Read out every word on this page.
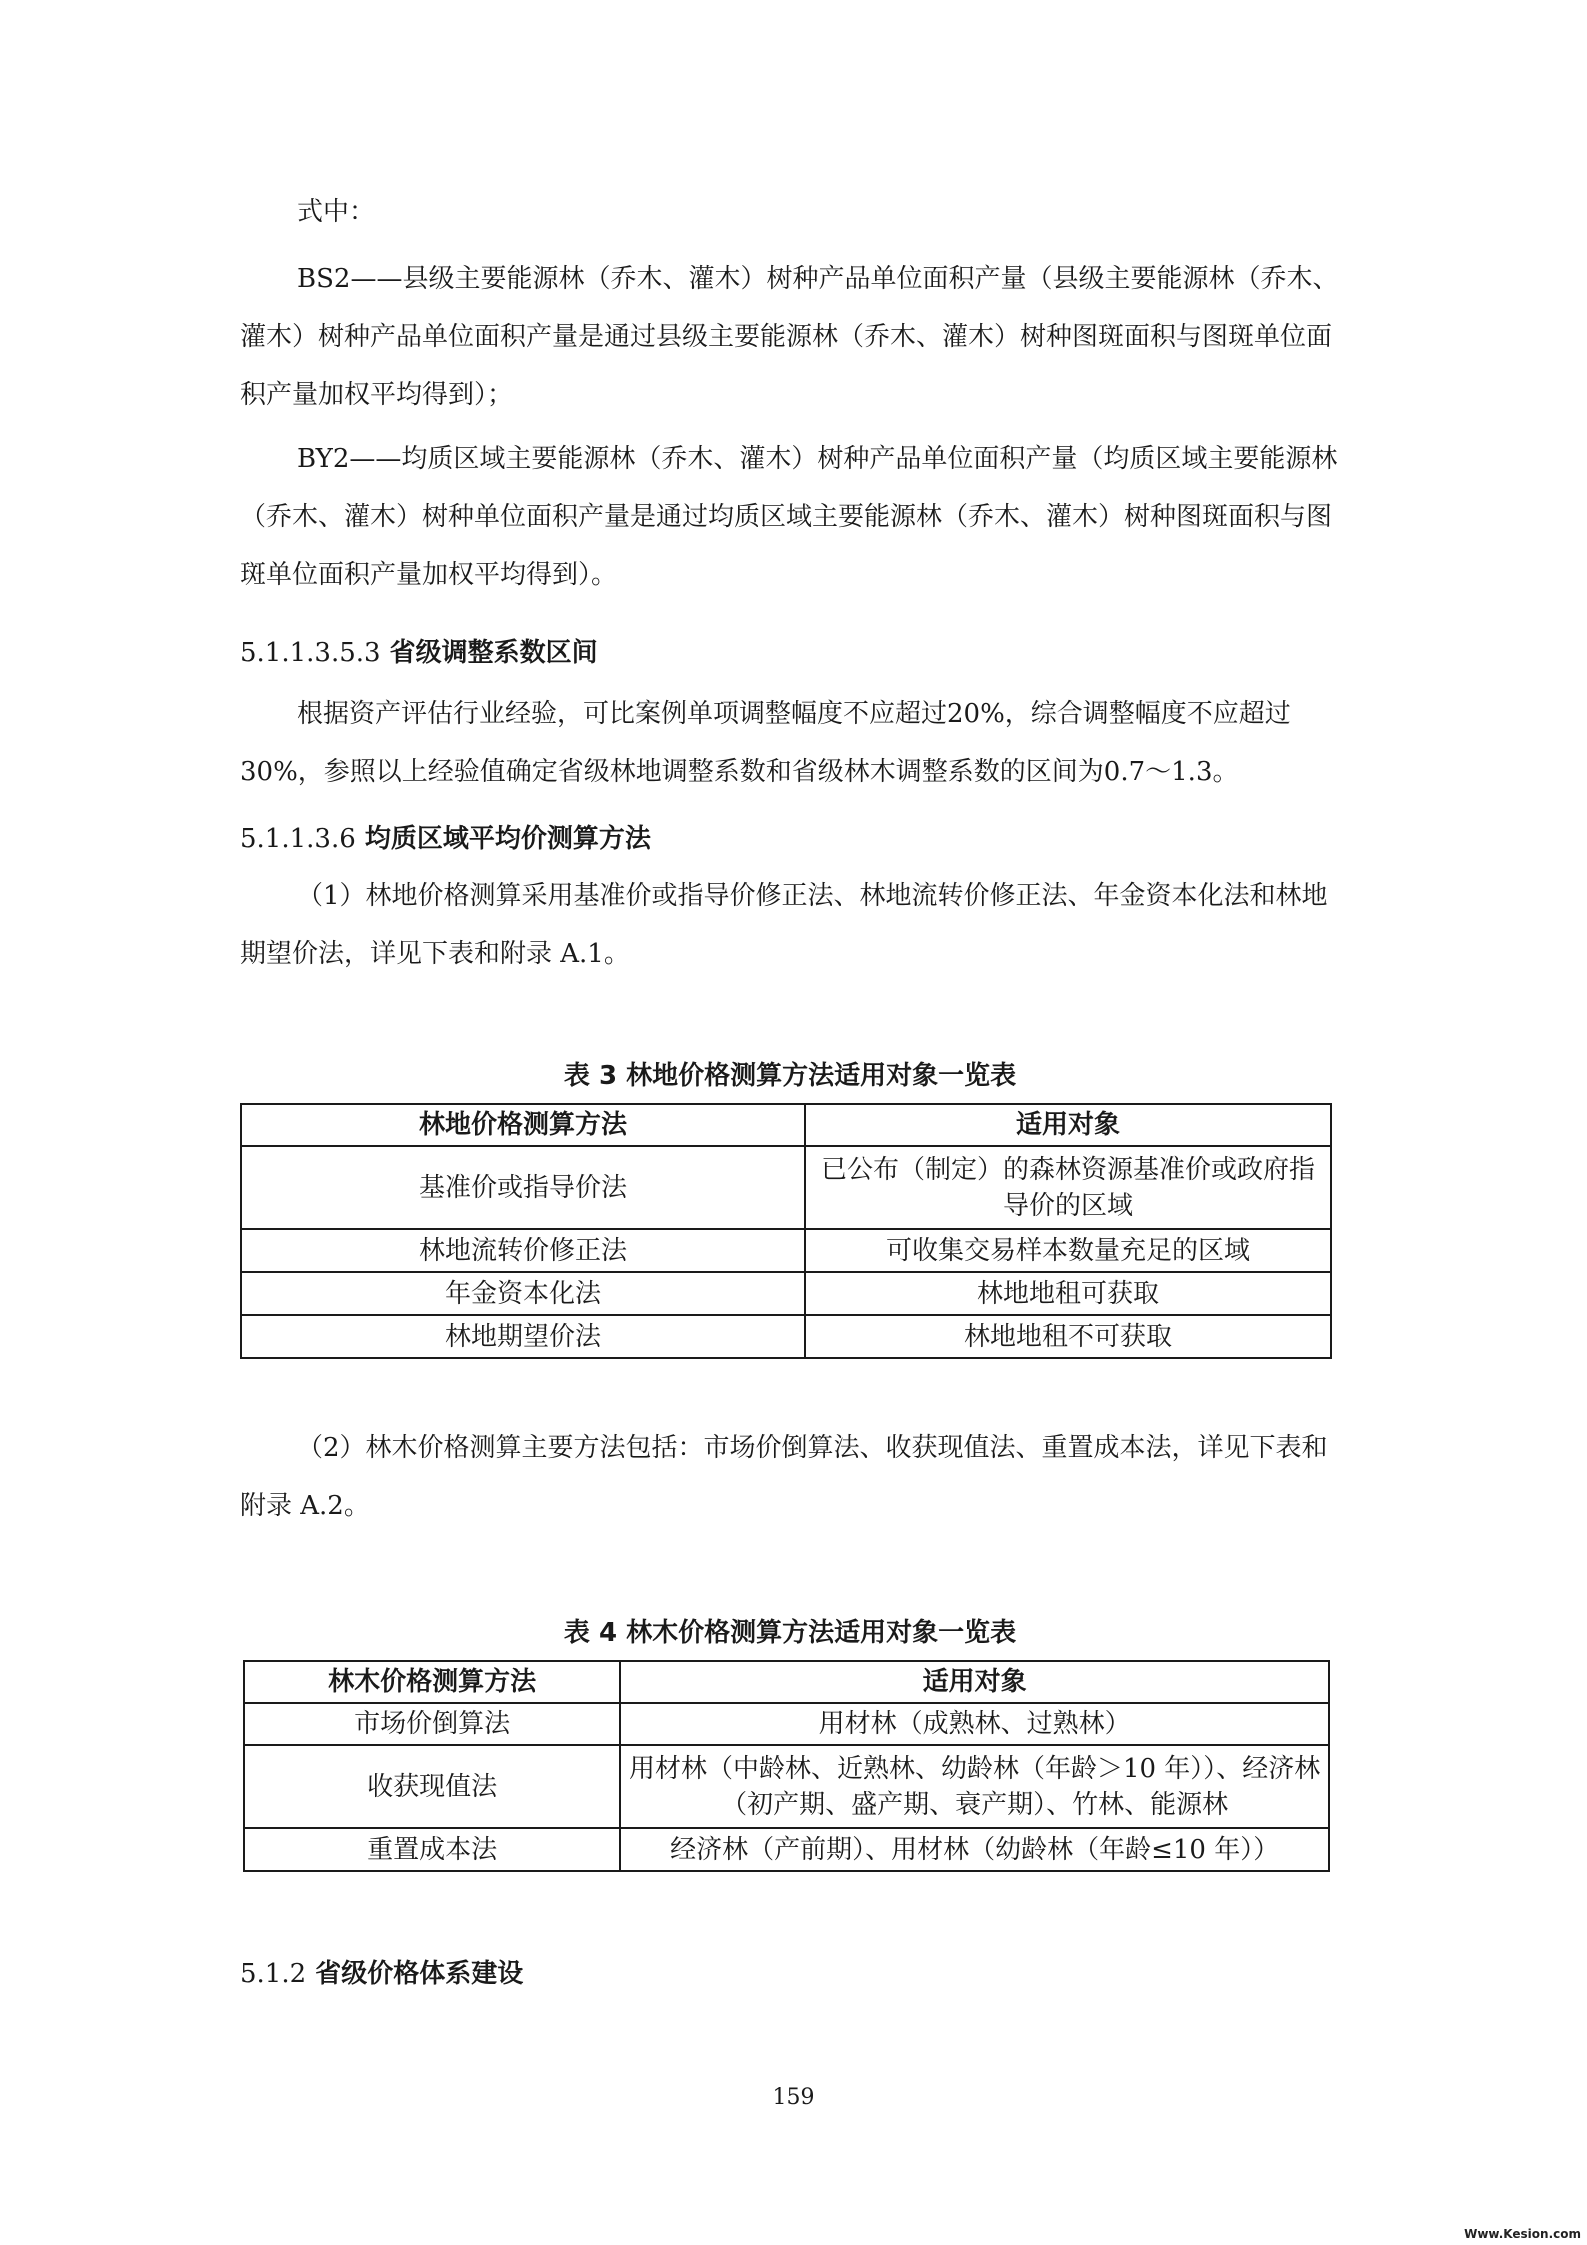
式中：

BS2——县级主要能源林（乔木、灌木）树种产品单位面积产量（县级主要能源林（乔木、灌木）树种产品单位面积产量是通过县级主要能源林（乔木、灌木）树种图斑面积与图斑单位面积产量加权平均得到）；

BY2——均质区域主要能源林（乔木、灌木）树种产品单位面积产量（均质区域主要能源林（乔木、灌木）树种单位面积产量是通过均质区域主要能源林（乔木、灌木）树种图斑面积与图斑单位面积产量加权平均得到）。

5.1.1.3.5.3 省级调整系数区间

根据资产评估行业经验，可比案例单项调整幅度不应超过20%，综合调整幅度不应超过30%，参照以上经验值确定省级林地调整系数和省级林木调整系数的区间为0.7～1.3。

5.1.1.3.6 均质区域平均价测算方法

（1）林地价格测算采用基准价或指导价修正法、林地流转价修正法、年金资本化法和林地期望价法，详见下表和附录 A.1。

表 3 林地价格测算方法适用对象一览表

林地价格测算方法	适用对象
基准价或指导价法	已公布（制定）的森林资源基准价或政府指导价的区域
林地流转价修正法	可收集交易样本数量充足的区域
年金资本化法	林地地租可获取
林地期望价法	林地地租不可获取

（2）林木价格测算主要方法包括：市场价倒算法、收获现值法、重置成本法，详见下表和附录 A.2。

表 4 林木价格测算方法适用对象一览表

林木价格测算方法	适用对象
市场价倒算法	用材林（成熟林、过熟林）
收获现值法	用材林（中龄林、近熟林、幼龄林（年龄＞10 年））、经济林（初产期、盛产期、衰产期）、竹林、能源林
重置成本法	经济林（产前期）、用材林（幼龄林（年龄≤10 年））

5.1.2 省级价格体系建设

159
Www.Kesion.com
